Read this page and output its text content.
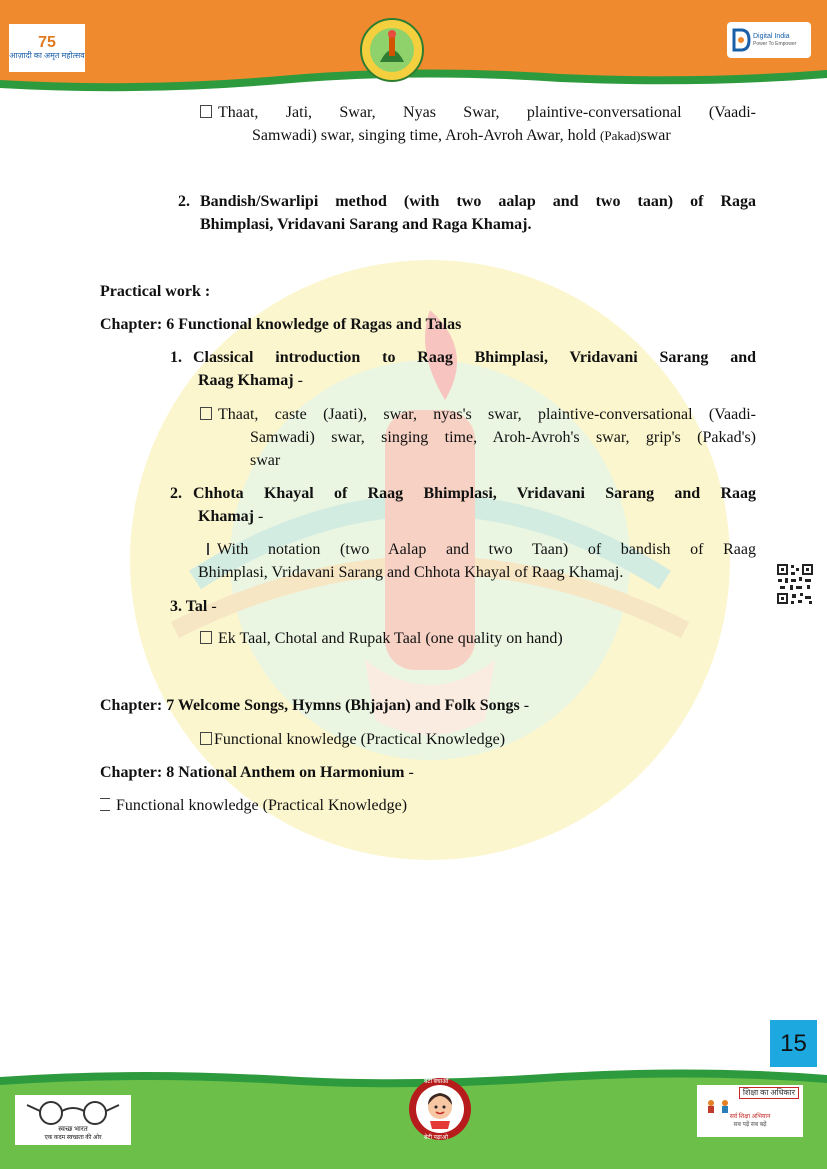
75
आज़ादी का अमृत महोत्सव
Digital India
Power To Empower
Thaat, Jati, Swar, Nyas Swar, plaintive-conversational (Vaadi-
Samwadi) swar, singing time, Aroh-Avroh Awar, hold (Pakad)swar
2. Bandish/Swarlipi method (with two aalap and two taan) of Raga
Bhimplasi, Vridavani Sarang and Raga Khamaj.
Practical work :
Chapter: 6 Functional knowledge of Ragas and Talas
1. Classical introduction to Raag Bhimplasi, Vridavani Sarang and
Raag Khamaj -
Thaat, caste (Jaati), swar, nyas's swar, plaintive-conversational (Vaadi-
Samwadi) swar, singing time, Aroh-Avroh's swar, grip's (Pakad's)
swar
2. Chhota Khayal of Raag Bhimplasi, Vridavani Sarang and Raag
Khamaj -
With notation (two Aalap and two Taan) of bandish of Raag
Bhimplasi, Vridavani Sarang and Chhota Khayal of Raag Khamaj.
3. Tal -
Ek Taal, Chotal and Rupak Taal (one quality on hand)
Chapter: 7 Welcome Songs, Hymns (Bhjajan) and Folk Songs -
Functional knowledge (Practical Knowledge)
Chapter: 8 National Anthem on Harmonium -
Functional knowledge (Practical Knowledge)
15
स्वच्छ भारत
एक कदम स्वच्छता की ओर
बेटी बचाओ
बेटी पढ़ाओ
शिक्षा का अधिकार
सर्व शिक्षा अभियान
सब पढ़ें सब बढ़ें
